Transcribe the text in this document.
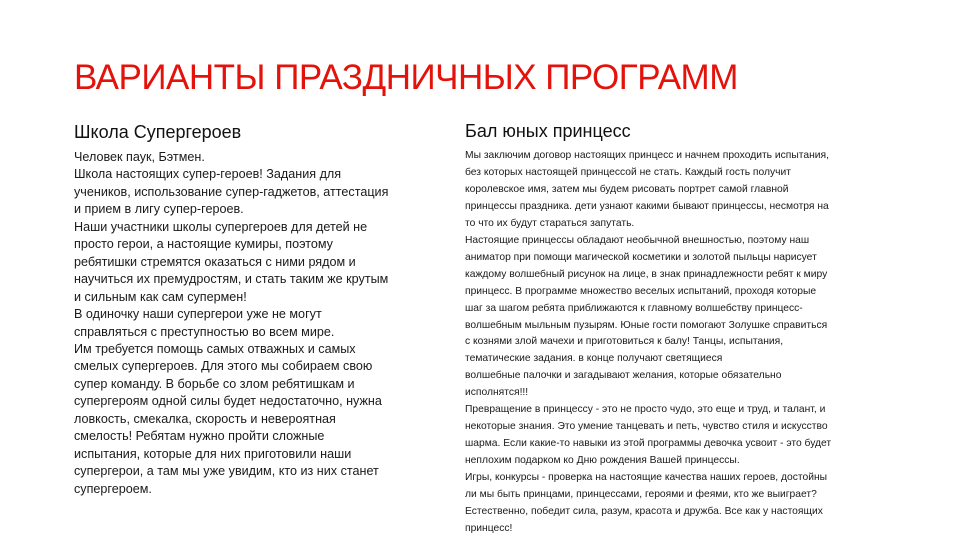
ВАРИАНТЫ ПРАЗДНИЧНЫХ ПРОГРАММ
Школа Супергероев
Человек паук, Бэтмен.
Школа настоящих супер-героев! Задания для
учеников, использование супер-гаджетов, аттестация
и прием в лигу супер-героев.
Наши участники школы супергероев для детей не
просто герои, а настоящие кумиры, поэтому
ребятишки стремятся оказаться с ними рядом и
научиться их премудростям, и стать таким же крутым
и сильным как сам супермен!
В одиночку наши супергерои уже не могут
справляться с преступностью во всем мире.
Им требуется помощь самых отважных и самых
смелых супергероев. Для этого мы собираем свою
супер команду. В борьбе со злом ребятишкам и
супергероям одной силы будет недостаточно, нужна
ловкость, смекалка, скорость и невероятная
смелость! Ребятам нужно пройти сложные
испытания, которые для них приготовили наши
супергерои, а там мы уже увидим, кто из них станет
супергероем.
Бал юных принцесс
Мы заключим договор настоящих принцесс и начнем проходить испытания,
без которых настоящей принцессой не стать. Каждый гость получит
королевское имя, затем мы будем рисовать портрет самой главной
принцессы праздника. дети узнают какими бывают принцессы, несмотря на
то что их будут стараться запутать.
Настоящие принцессы обладают необычной внешностью, поэтому наш
аниматор при помощи магической косметики и золотой пыльцы нарисует
каждому волшебный рисунок на лице, в знак принадлежности ребят к миру
принцесс. В программе множество веселых испытаний, проходя которые
шаг за шагом ребята приближаются к главному волшебству принцесс-
волшебным мыльным пузырям. Юные гости помогают Золушке справиться
с кознями злой мачехи и приготовиться к балу! Танцы, испытания,
тематические задания. в конце получают светящиеся
волшебные палочки и загадывают желания, которые обязательно
исполнятся!!!
Превращение в принцессу - это не просто чудо, это еще и труд, и талант, и
некоторые знания. Это умение танцевать и петь, чувство стиля и искусство
шарма. Если какие-то навыки из этой программы девочка усвоит - это будет
неплохим подарком ко Дню рождения Вашей принцессы.
Игры, конкурсы - проверка на настоящие качества наших героев, достойны
ли мы быть принцами, принцессами, героями и феями, кто же выиграет?
Естественно, победит сила, разум, красота и дружба. Все как у настоящих
принцесс!
